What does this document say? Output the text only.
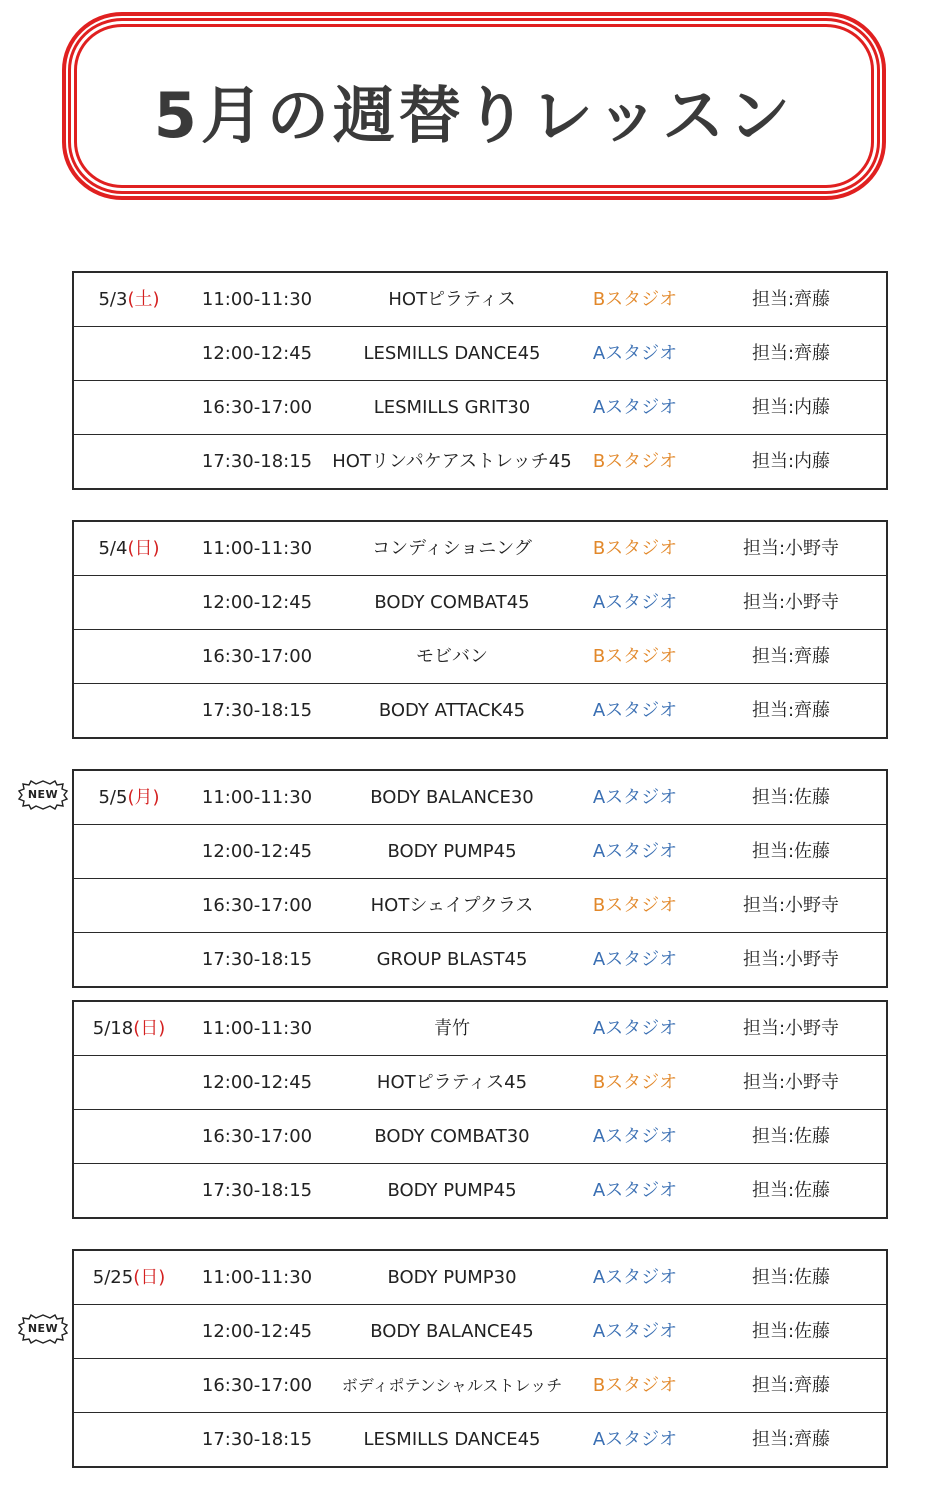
5月の週替りレッスン
NEW
NEW
5/3(土)	11:00-11:30	HOTピラティス	Bスタジオ	担当:齊藤
12:00-12:45	LESMILLS DANCE45	Aスタジオ	担当:齊藤
16:30-17:00	LESMILLS GRIT30	Aスタジオ	担当:内藤
17:30-18:15	HOTリンパケアストレッチ45	Bスタジオ	担当:内藤
5/4(日)	11:00-11:30	コンディショニング	Bスタジオ	担当:小野寺
12:00-12:45	BODY COMBAT45	Aスタジオ	担当:小野寺
16:30-17:00	モビバン	Bスタジオ	担当:齊藤
17:30-18:15	BODY ATTACK45	Aスタジオ	担当:齊藤
5/5(月)	11:00-11:30	BODY BALANCE30	Aスタジオ	担当:佐藤
12:00-12:45	BODY PUMP45	Aスタジオ	担当:佐藤
16:30-17:00	HOTシェイプクラス	Bスタジオ	担当:小野寺
17:30-18:15	GROUP BLAST45	Aスタジオ	担当:小野寺
5/18(日)	11:00-11:30	青竹	Aスタジオ	担当:小野寺
12:00-12:45	HOTピラティス45	Bスタジオ	担当:小野寺
16:30-17:00	BODY COMBAT30	Aスタジオ	担当:佐藤
17:30-18:15	BODY PUMP45	Aスタジオ	担当:佐藤
5/25(日)	11:00-11:30	BODY PUMP30	Aスタジオ	担当:佐藤
12:00-12:45	BODY BALANCE45	Aスタジオ	担当:佐藤
16:30-17:00	ボディポテンシャルストレッチ	Bスタジオ	担当:齊藤
17:30-18:15	LESMILLS DANCE45	Aスタジオ	担当:齊藤
